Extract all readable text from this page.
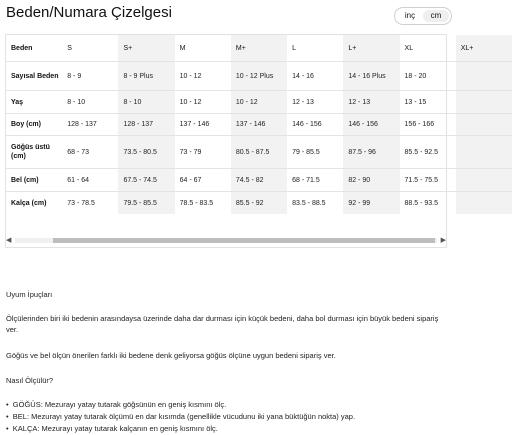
Beden/Numara Çizelgesi	inç	cm
Beden	S	S+	M	M+	L	L+	XL	XL+
Sayısal Beden	8 - 9	8 - 9 Plus	10 - 12	10 - 12 Plus	14 - 16	14 - 16 Plus	18 - 20	
Yaş	8 - 10	8 - 10	10 - 12	10 - 12	12 - 13	12 - 13	13 - 15	
Boy (cm)	128 - 137	128 - 137	137 - 146	137 - 146	146 - 156	146 - 156	156 - 166	
Göğüs üstü (cm)	68 - 73	73.5 - 80.5	73 - 79	80.5 - 87.5	79 - 85.5	87.5 - 96	85.5 - 92.5	
Bel (cm)	61 - 64	67.5 - 74.5	64 - 67	74.5 - 82	68 - 71.5	82 - 90	71.5 - 75.5	
Kalça (cm)	73 - 78.5	79.5 - 85.5	78.5 - 83.5	85.5 - 92	83.5 - 88.5	92 - 99	88.5 - 93.5	
◀	▶

Uyum İpuçları

Ölçülerinden biri iki bedenin arasındaysa üzerinde daha dar durması için küçük bedeni, daha bol durması için büyük bedeni sipariş ver.

Göğüs ve bel ölçün önerilen farklı iki bedene denk geliyorsa göğüs ölçüne uygun bedeni sipariş ver.

Nasıl Ölçülür?

•  GÖĞÜS: Mezurayı yatay tutarak göğsünün en geniş kısmını ölç.

•  BEL: Mezurayı yatay tutarak ölçümü en dar kısımda (genellikle vücudunu iki yana büktüğün nokta) yap.

•  KALÇA: Mezurayı yatay tutarak kalçanın en geniş kısmını ölç.
